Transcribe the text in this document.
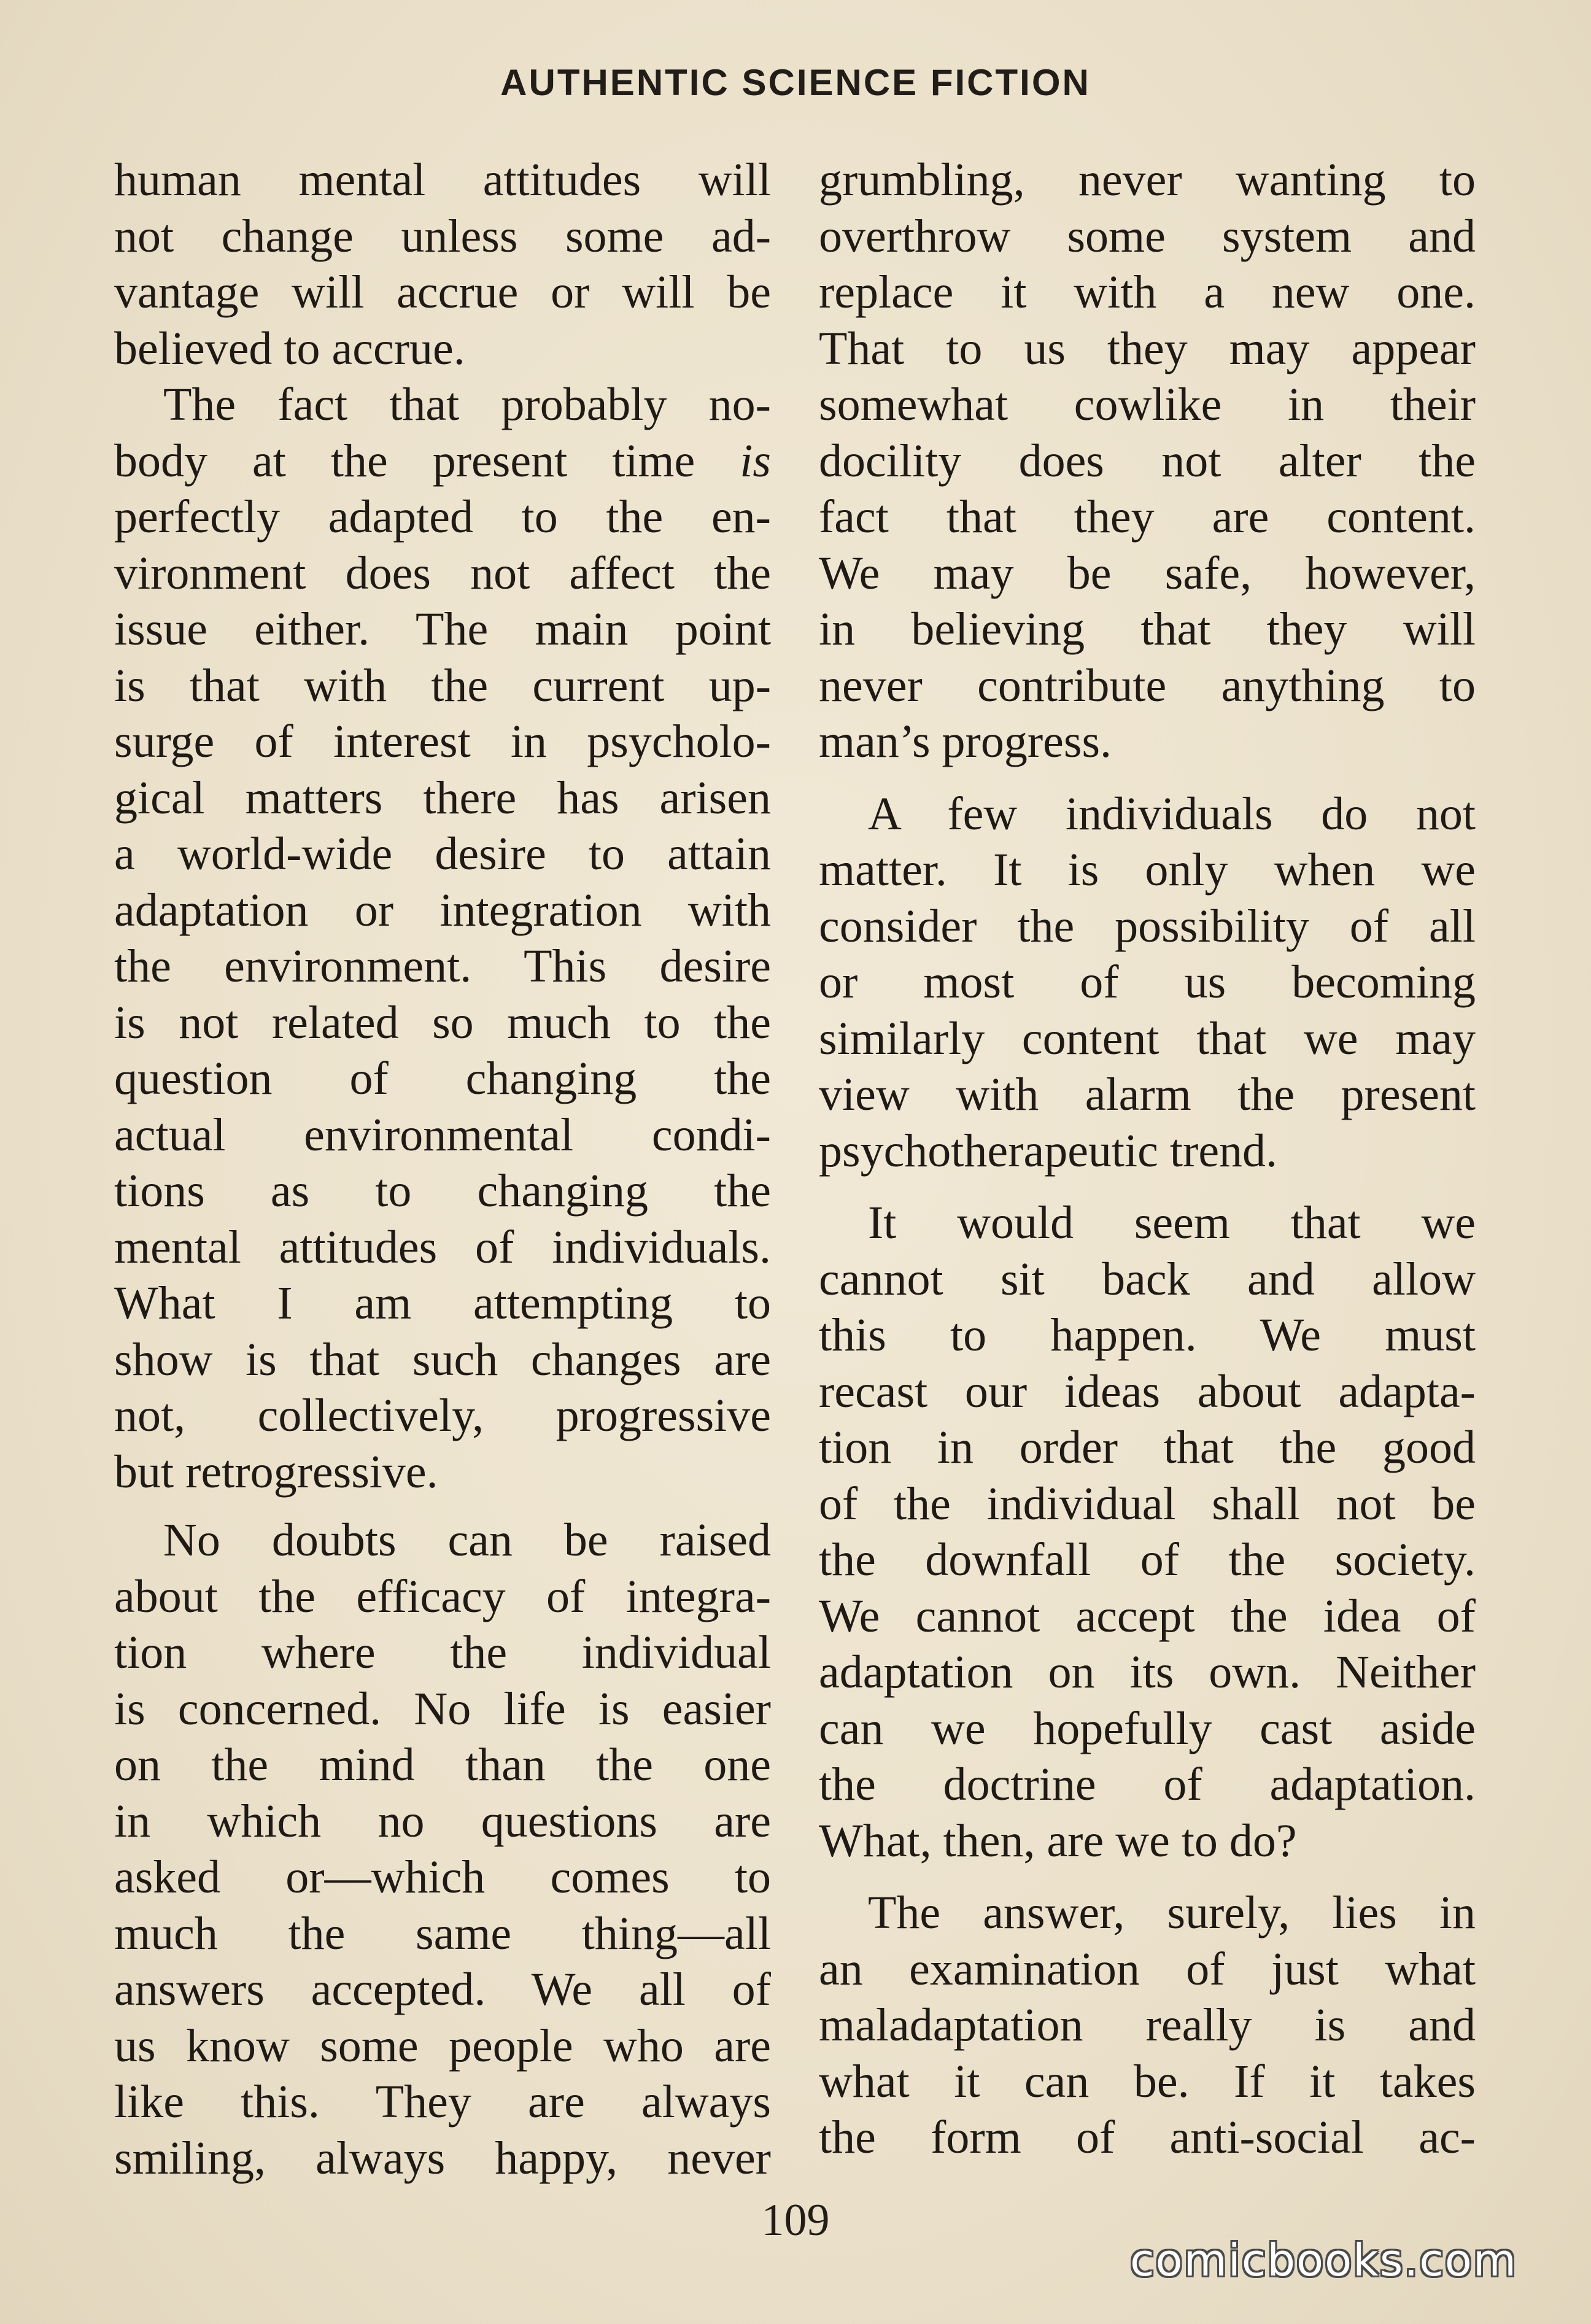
AUTHENTIC SCIENCE FICTION
human mental attitudes will
not change unless some ad-
vantage will accrue or will be
believed to accrue.
The fact that probably no-
body at the present time is
perfectly adapted to the en-
vironment does not affect the
issue either. The main point
is that with the current up-
surge of interest in psycholo-
gical matters there has arisen
a world-wide desire to attain
adaptation or integration with
the environment. This desire
is not related so much to the
question of changing the
actual environmental condi-
tions as to changing the
mental attitudes of individuals.
What I am attempting to
show is that such changes are
not, collectively, progressive
but retrogressive.
No doubts can be raised
about the efficacy of integra-
tion where the individual
is concerned. No life is easier
on the mind than the one
in which no questions are
asked or—which comes to
much the same thing—all
answers accepted. We all of
us know some people who are
like this. They are always
smiling, always happy, never
grumbling, never wanting to
overthrow some system and
replace it with a new one.
That to us they may appear
somewhat cowlike in their
docility does not alter the
fact that they are content.
We may be safe, however,
in believing that they will
never contribute anything to
man’s progress.
A few individuals do not
matter. It is only when we
consider the possibility of all
or most of us becoming
similarly content that we may
view with alarm the present
psychotherapeutic trend.
It would seem that we
cannot sit back and allow
this to happen. We must
recast our ideas about adapta-
tion in order that the good
of the individual shall not be
the downfall of the society.
We cannot accept the idea of
adaptation on its own. Neither
can we hopefully cast aside
the doctrine of adaptation.
What, then, are we to do?
The answer, surely, lies in
an examination of just what
maladaptation really is and
what it can be. If it takes
the form of anti-social ac-
109
comicbooks.com
